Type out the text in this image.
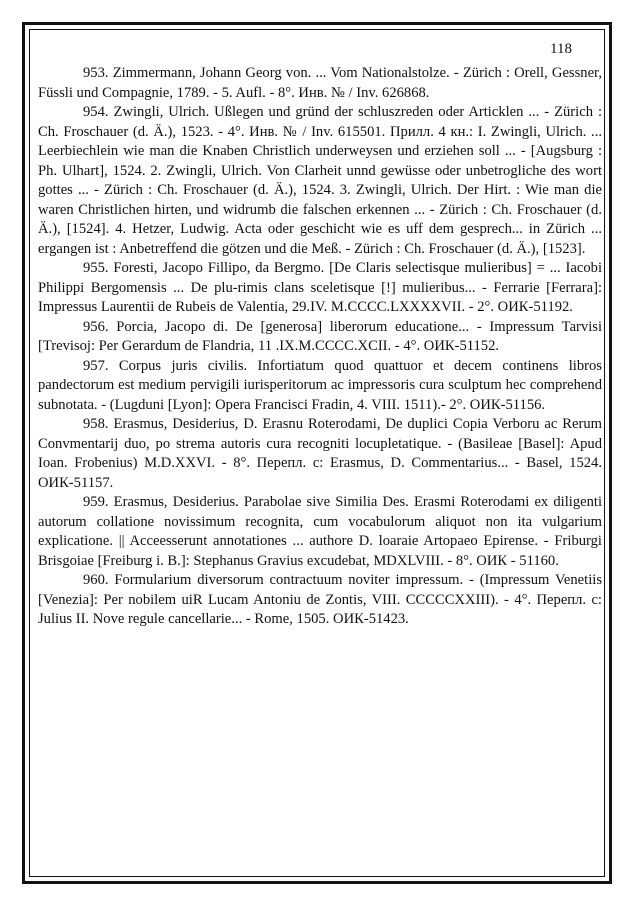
118

953. Zimmermann, Johann Georg von. ... Vom Nationalstolze. - Zürich : Orell, Gessner, Füssli und Compagnie, 1789. - 5. Aufl. - 8°. Инв. № / Inv. 626868.

954. Zwingli, Ulrich. Ußlegen und gründ der schluszreden oder Articklen ... - Zürich : Ch. Froschauer (d. Ä.), 1523. - 4°. Инв. № / Inv. 615501. Прилл. 4 кн.: I. Zwingli, Ulrich. ... Leerbiechlein wie man die Knaben Christlich underweysen und erziehen soll ... - [Augsburg : Ph. Ulhart], 1524. 2. Zwingli, Ulrich. Von Clarheit unnd gewüsse oder unbetrogliche des wort gottes ... - Zürich : Ch. Froschauer (d. Ä.), 1524. 3. Zwingli, Ulrich. Der Hirt. : Wie man die waren Christlichen hirten, und widrumb die falschen erkennen ... - Zürich : Ch. Froschauer (d. Ä.), [1524]. 4. Hetzer, Ludwig. Acta oder geschicht wie es uff dem gesprech... in Zürich ... ergangen ist : Anbetreffend die götzen und die Meß. - Zürich : Ch. Froschauer (d. Ä.), [1523].

955. Foresti, Jacopo Fillipo, da Bergmo. [De Claris selectisque mulieribus] = ... Iacobi Philippi Bergomensis ... De plu-rimis clans sceletisque [!] mulieribus... - Ferrarie [Ferrara]: Impressus Laurentii de Rubeis de Valentia, 29.IV. M.CCCC.LXXXXVII. - 2°. ОИК-51192.

956. Porcia, Jacopo di. De [generosa] liberorum educatione... - Impressum Tarvisi [Trevisoj: Per Gerardum de Flandria, 11 .IX.M.CCCC.XCII. - 4°. ОИК-51152.

957. Corpus juris civilis. Infortiatum quod quattuor et decem continens libros pandectorum est medium pervigili iurisperitorum ac impressoris cura sculptum hec comprehend subnotata. - (Lugduni [Lyon]: Opera Francisci Fradin, 4. VIII. 1511).- 2°. ОИК-51156.

958. Erasmus, Desiderius, D. Erasnu Roterodami, De duplici Copia Verboru ac Rerum Convmentarij duo, po strema autoris cura recogniti locupletatique. - (Basileae [Basel]: Apud Ioan. Frobenius) M.D.XXVI. - 8°. Перепл. с: Erasmus, D. Commentarius... - Basel, 1524. ОИК-51157.

959. Erasmus, Desiderius. Parabolae sive Similia Des. Erasmi Roterodami ex diligenti autorum collatione novissimum recognita, cum vocabulorum aliquot non ita vulgarium explicatione. || Acceesserunt annotationes ... authore D. loaraie Artopaeo Epirense. - Friburgi Brisgoiae [Freiburg i. B.]: Stephanus Gravius excudebat, MDXLVIII. - 8°. ОИК - 51160.

960. Formularium diversorum contractuum noviter impressum. - (Impressum Venetiis [Venezia]: Per nobilem uiR Lucam Antoniu de Zontis, VIII. CCCCCXXIII). - 4°. Перепл. с: Julius II. Nove regule cancellarie... - Rome, 1505. ОИК-51423.
